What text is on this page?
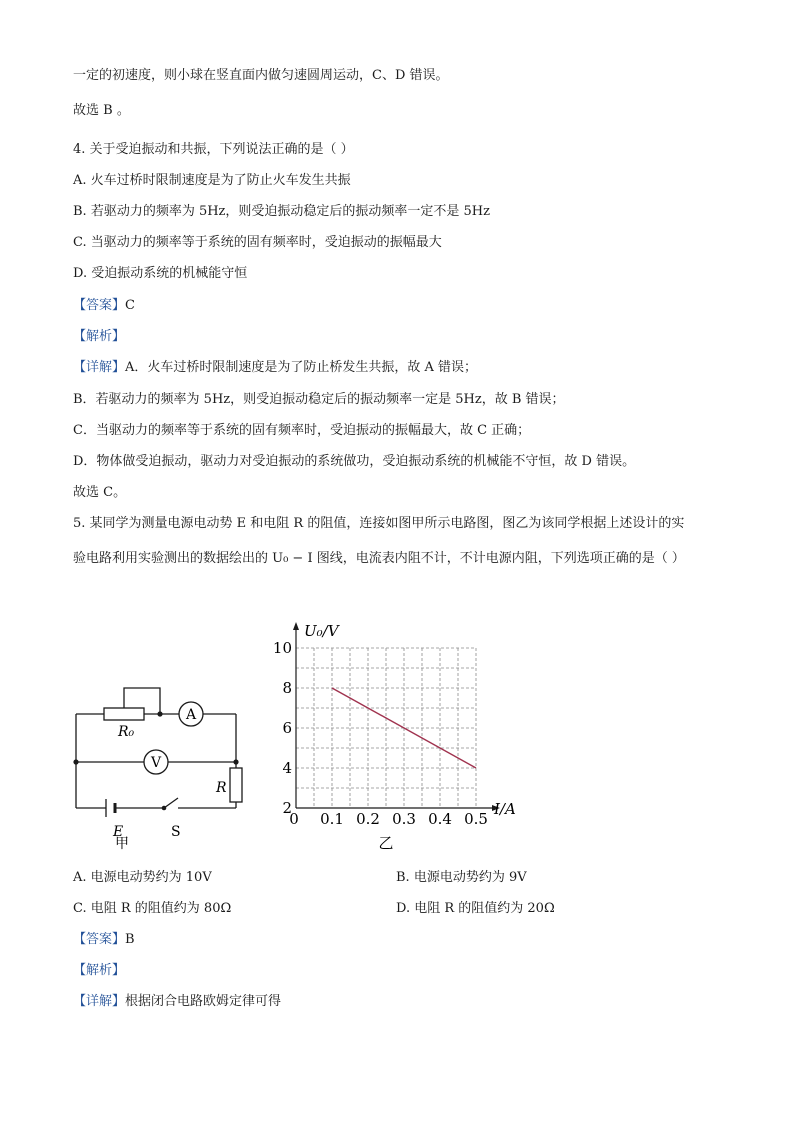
一定的初速度，则小球在竖直面内做匀速圆周运动，C、D 错误。
故选 B 。
4. 关于受迫振动和共振，下列说法正确的是（ ）
A. 火车过桥时限制速度是为了防止火车发生共振
B. 若驱动力的频率为 5Hz，则受迫振动稳定后的振动频率一定不是 5Hz
C. 当驱动力的频率等于系统的固有频率时，受迫振动的振幅最大
D. 受迫振动系统的机械能守恒
【答案】C
【解析】
【详解】A．火车过桥时限制速度是为了防止桥发生共振，故 A 错误；
B．若驱动力的频率为 5Hz，则受迫振动稳定后的振动频率一定是 5Hz，故 B 错误；
C．当驱动力的频率等于系统的固有频率时，受迫振动的振幅最大，故 C 正确；
D．物体做受迫振动，驱动力对受迫振动的系统做功，受迫振动系统的机械能不守恒，故 D 错误。
故选 C。
5. 某同学为测量电源电动势 E 和电阻 R 的阻值，连接如图甲所示电路图，图乙为该同学根据上述设计的实
验电路利用实验测出的数据绘出的 U₀ − I 图线，电流表内阻不计，不计电源内阻，下列选项正确的是（ ）
A
V
R₀
R
E	S
甲
0 0.1 0.2 0.3 0.4 0.5
2
4
6
8
10
I/A
U₀/V
乙
A. 电源电动势约为 10V	B. 电源电动势约为 9V
C. 电阻 R 的阻值约为 80Ω	D. 电阻 R 的阻值约为 20Ω
【答案】B
【解析】
【详解】根据闭合电路欧姆定律可得
